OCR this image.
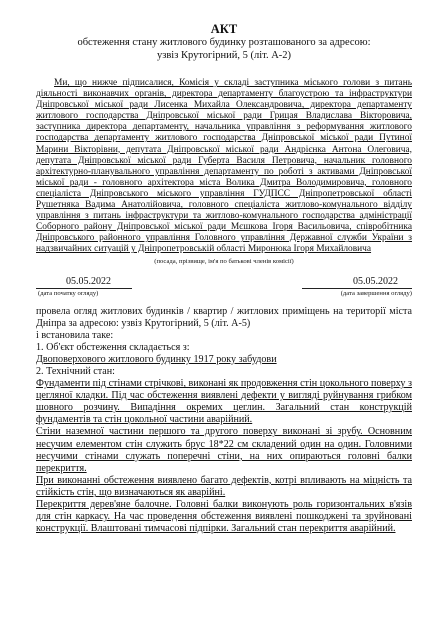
АКТ
обстеження стану житлового будинку розташованого за адресою:
узвіз Крутогірний, 5 (літ. А-2)
Ми, що нижче підписалися, Комісія у складі заступника міського голови з питань діяльності виконавчих органів, директора департаменту благоустрою та інфраструктури Дніпровської міської ради Лисенка Михайла Олександровича, директора департаменту житлового господарства Дніпровської міської ради Грицая Владислава Вікторовича, заступника директора департаменту, начальника управління з реформування житлового господарства департаменту житлового господарства Дніпровської міської ради Путиної Марини Вікторівни, депутата Дніпровської міської ради Андрієнка Антона Олеговича, депутата Дніпровської міської ради Губерта Василя Петровича, начальник головного архітектурно-планувального управління департаменту по роботі з активами Дніпровської міської ради - головного архітектора міста Волика Дмитра Володимировича, головного спеціаліста Дніпровського міського управління ГУДПСС Дніпропетровської області Рушетняка Вадима Анатолійовича, головного спеціаліста житлово-комунального відділу управління з питань інфраструктури та житлово-комунального господарства адміністрації Соборного району Дніпровської міської ради Мєшкова Ігоря Васильовича, співробітника Дніпровського районного управління Головного управління Державної служби України з надзвичайних ситуацій у Дніпропетровській області Миронюка Ігоря Михайловича
(посада, прізвище, ім'я по батькові членів комісії)
05.05.2022
(дата початку огляду)
05.05.2022
(дата завершення огляду)

провела огляд житлових будинків / квартир / житлових приміщень на території міста Дніпра за адресою: узвіз Крутогірний, 5 (літ. А-5)

і встановила таке:

1. Об'єкт обстеження складається з:

Двоповерхового житлового будинку 1917 року забудови

2. Технічний стан:

Фундаменти під стінами стрічкові, виконані як продовження стін цокольного поверху з цегляної кладки. Під час обстеження виявлені дефекти у вигляді руйнування грибком шовного розчину. Випадіння окремих цеглин. Загальний стан конструкцій фундаментів та стін цокольної частини аварійний.

Стіни наземної частини першого та другого поверху виконані зі зрубу. Основним несучим елементом стін служить брус 18*22 см складений один на один. Головними несучими стінами служать поперечні стіни, на них опираються головні балки перекриття.

При виконанні обстеження виявлено багато дефектів, котрі впливають на міцність та стійкість стін, що визначаються як аварійні.

Перекриття дерев'яне балочне. Головні балки виконують роль горизонтальних в'язів для стін каркасу. На час проведення обстеження виявлені пошкоджені та зруйновані конструкції. Влаштовані тимчасові підпірки. Загальний стан перекриття аварійний.
